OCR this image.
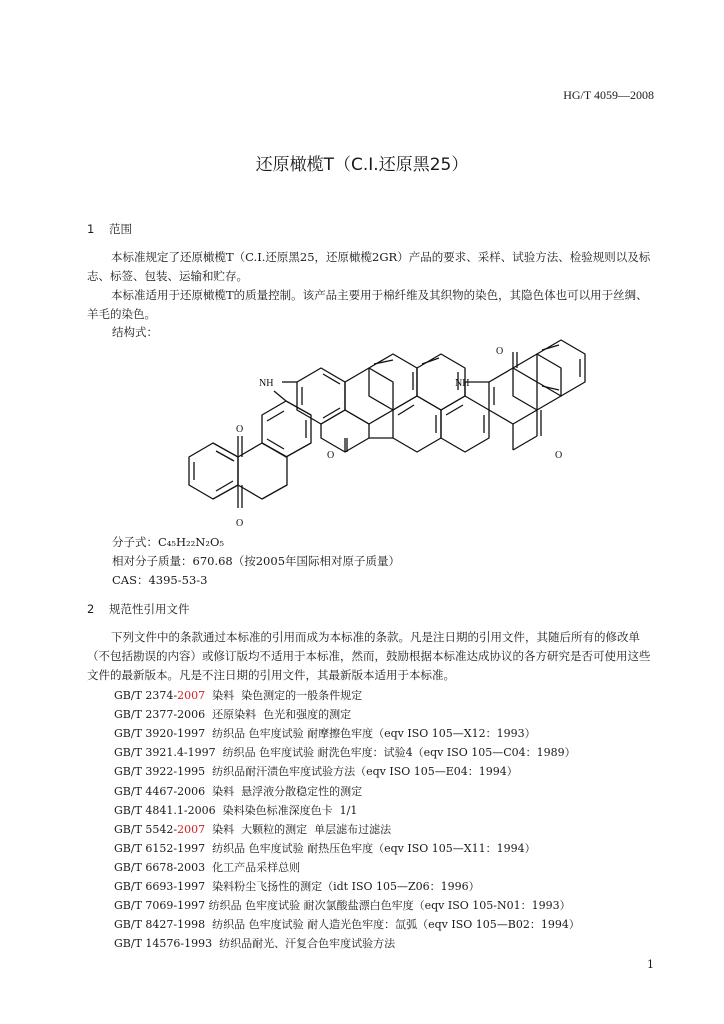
HG/T 4059—2008
还原橄榄T（C.I.还原黑25）
1 范围
本标准规定了还原橄榄T（C.I.还原黑25，还原橄榄2GR）产品的要求、采样、试验方法、检验规则以及标志、标签、包装、运输和贮存。
本标准适用于还原橄榄T的质量控制。该产品主要用于棉纤维及其织物的染色，其隐色体也可以用于丝绸、羊毛的染色。
结构式：
NH	NH
O
O
O
O
O
分子式：C₄₅H₂₂N₂O₅
相对分子质量：670.68（按2005年国际相对原子质量）
CAS：4395-53-3
2 规范性引用文件
下列文件中的条款通过本标准的引用而成为本标准的条款。凡是注日期的引用文件，其随后所有的修改单（不包括勘误的内容）或修订版均不适用于本标准，然而，鼓励根据本标准达成协议的各方研究是否可使用这些文件的最新版本。凡是不注日期的引用文件，其最新版本适用于本标准。
GB/T 2374-2007  染料  染色测定的一般条件规定
GB/T 2377-2006  还原染料  色光和强度的测定
GB/T 3920-1997  纺织品 色牢度试验 耐摩擦色牢度（eqv ISO 105—X12：1993）
GB/T 3921.4-1997  纺织品 色牢度试验 耐洗色牢度：试验4（eqv ISO 105—C04：1989）
GB/T 3922-1995  纺织品耐汗渍色牢度试验方法（eqv ISO 105—E04：1994）
GB/T 4467-2006  染料  悬浮液分散稳定性的测定
GB/T 4841.1-2006  染料染色标准深度色卡  1/1
GB/T 5542-2007  染料  大颗粒的测定  单层滤布过滤法
GB/T 6152-1997  纺织品 色牢度试验 耐热压色牢度（eqv ISO 105—X11：1994）
GB/T 6678-2003  化工产品采样总则
GB/T 6693-1997  染料粉尘飞扬性的测定（idt ISO 105—Z06：1996）
GB/T 7069-1997 纺织品 色牢度试验 耐次氯酸盐漂白色牢度（eqv ISO 105-N01：1993）
GB/T 8427-1998  纺织品 色牢度试验 耐人造光色牢度：氙弧（eqv ISO 105—B02：1994）
GB/T 14576-1993  纺织品耐光、汗复合色牢度试验方法
1
